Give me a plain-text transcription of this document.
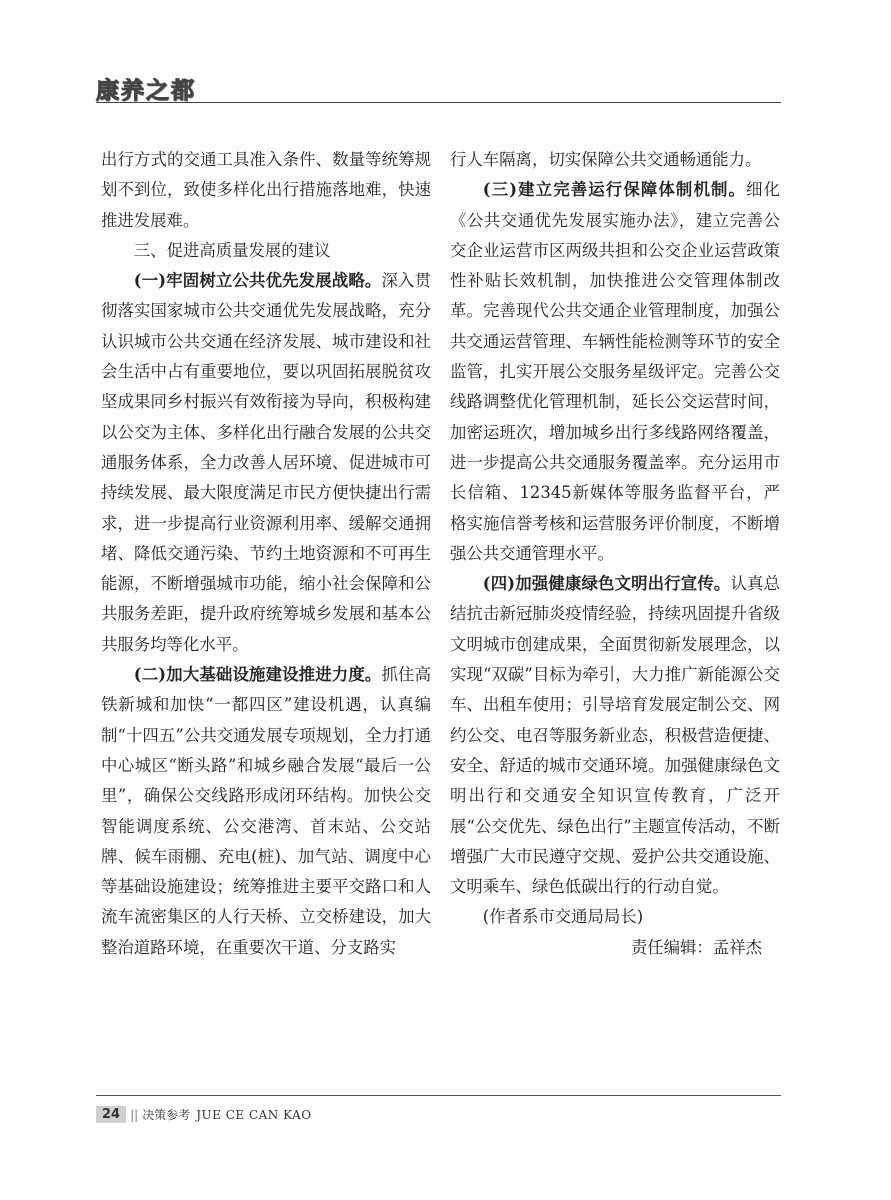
康养之都

出行方式的交通工具准入条件、数量等统筹规划不到位，致使多样化出行措施落地难，快速推进发展难。

三、促进高质量发展的建议

(一)牢固树立公共优先发展战略。深入贯彻落实国家城市公共交通优先发展战略，充分认识城市公共交通在经济发展、城市建设和社会生活中占有重要地位，要以巩固拓展脱贫攻坚成果同乡村振兴有效衔接为导向，积极构建以公交为主体、多样化出行融合发展的公共交通服务体系，全力改善人居环境、促进城市可持续发展、最大限度满足市民方便快捷出行需求，进一步提高行业资源利用率、缓解交通拥堵、降低交通污染、节约土地资源和不可再生能源，不断增强城市功能，缩小社会保障和公共服务差距，提升政府统筹城乡发展和基本公共服务均等化水平。

(二)加大基础设施建设推进力度。抓住高铁新城和加快“一都四区”建设机遇，认真编制“十四五”公共交通发展专项规划，全力打通中心城区“断头路”和城乡融合发展“最后一公里”，确保公交线路形成闭环结构。加快公交智能调度系统、公交港湾、首末站、公交站牌、候车雨棚、充电(桩)、加气站、调度中心等基础设施建设；统筹推进主要平交路口和人流车流密集区的人行天桥、立交桥建设，加大整治道路环境，在重要次干道、分支路实

行人车隔离，切实保障公共交通畅通能力。

(三)建立完善运行保障体制机制。细化《公共交通优先发展实施办法》，建立完善公交企业运营市区两级共担和公交企业运营政策性补贴长效机制，加快推进公交管理体制改革。完善现代公共交通企业管理制度，加强公共交通运营管理、车辆性能检测等环节的安全监管，扎实开展公交服务星级评定。完善公交线路调整优化管理机制，延长公交运营时间，加密运班次，增加城乡出行多线路网络覆盖，进一步提高公共交通服务覆盖率。充分运用市长信箱、12345新媒体等服务监督平台，严格实施信誉考核和运营服务评价制度，不断增强公共交通管理水平。

(四)加强健康绿色文明出行宣传。认真总结抗击新冠肺炎疫情经验，持续巩固提升省级文明城市创建成果，全面贯彻新发展理念，以实现“双碳”目标为牵引，大力推广新能源公交车、出租车使用；引导培育发展定制公交、网约公交、电召等服务新业态，积极营造便捷、安全、舒适的城市交通环境。加强健康绿色文明出行和交通安全知识宣传教育，广泛开展“公交优先、绿色出行”主题宣传活动，不断增强广大市民遵守交规、爱护公共交通设施、文明乘车、绿色低碳出行的行动自觉。

(作者系市交通局局长)

责任编辑：孟祥杰

24 || 决策参考 JUE CE CAN KAO
